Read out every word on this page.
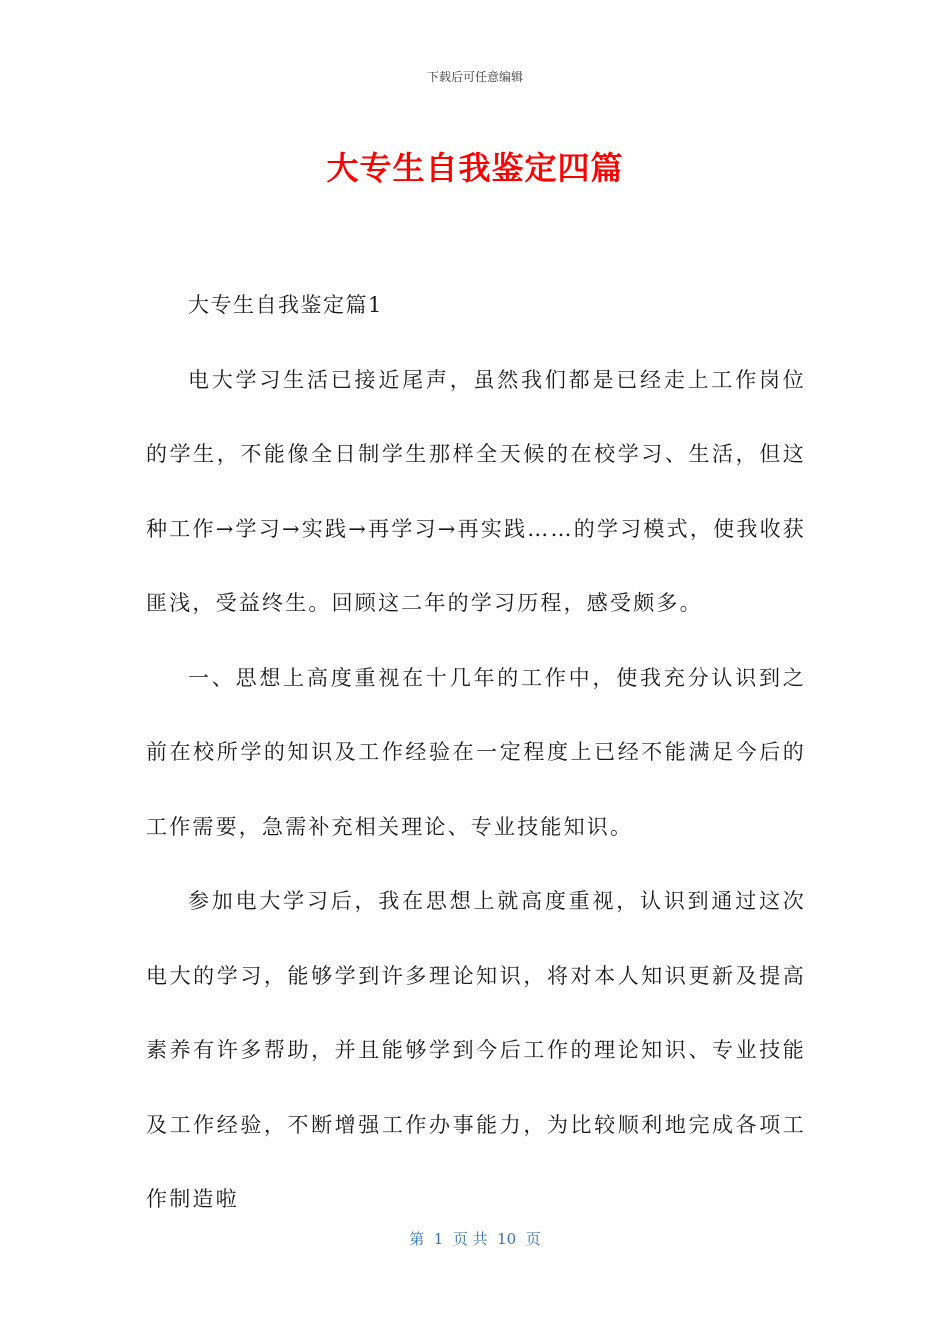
下载后可任意编辑
大专生自我鉴定四篇

大专生自我鉴定篇1

电大学习生活已接近尾声，虽然我们都是已经走上工作岗位的学生，不能像全日制学生那样全天候的在校学习、生活，但这种工作→学习→实践→再学习→再实践……的学习模式，使我收获匪浅，受益终生。回顾这二年的学习历程，感受颇多。

一、思想上高度重视在十几年的工作中，使我充分认识到之前在校所学的知识及工作经验在一定程度上已经不能满足今后的工作需要，急需补充相关理论、专业技能知识。

参加电大学习后，我在思想上就高度重视，认识到通过这次电大的学习，能够学到许多理论知识，将对本人知识更新及提高素养有许多帮助，并且能够学到今后工作的理论知识、专业技能及工作经验，不断增强工作办事能力，为比较顺利地完成各项工作制造啦

第  1  页 共  10  页
